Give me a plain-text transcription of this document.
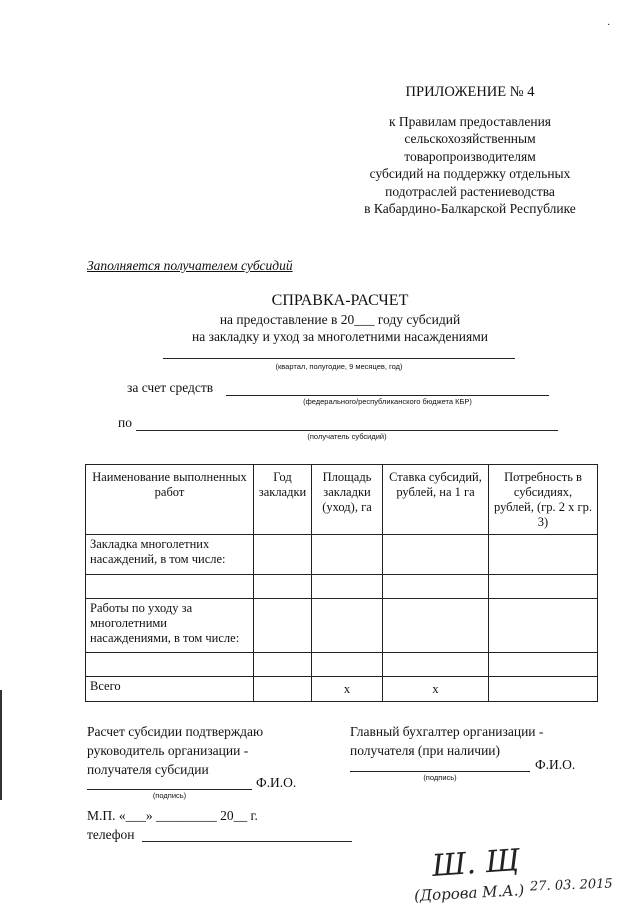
·
ПРИЛОЖЕНИЕ № 4
к Правилам предоставления
сельскохозяйственным
товаропроизводителям
субсидий на поддержку отдельных
подотраслей растениеводства
в Кабардино-Балкарской Республике
Заполняется получателем субсидий
СПРАВКА-РАСЧЕТ
на предоставление в 20___ году субсидий
на закладку и уход за многолетними насаждениями
(квартал, полугодие, 9 месяцев, год)
за счет средств
(федерального/республиканского бюджета КБР)
по
(получатель субсидий)
Наименование выполненных работ	Год закладки	Площадь закладки (уход), га	Ставка субсидий, рублей, на 1 га	Потребность в субсидиях, рублей, (гр. 2 х гр. 3)
Закладка многолетних насаждений, в том числе:				

Работы по уходу за многолетними насаждениями, в том числе:				

Всего		х	х	
Расчет субсидии подтверждаю
руководитель организации -
получателя субсидии
Ф.И.О.
(подпись)
Главный бухгалтер организации -
получателя (при наличии)
Ф.И.О.
(подпись)
М.П. «___» _________ 20__ г.
телефон
Ш. Щ
(Дорова М.А.) 27. 03. 2015
